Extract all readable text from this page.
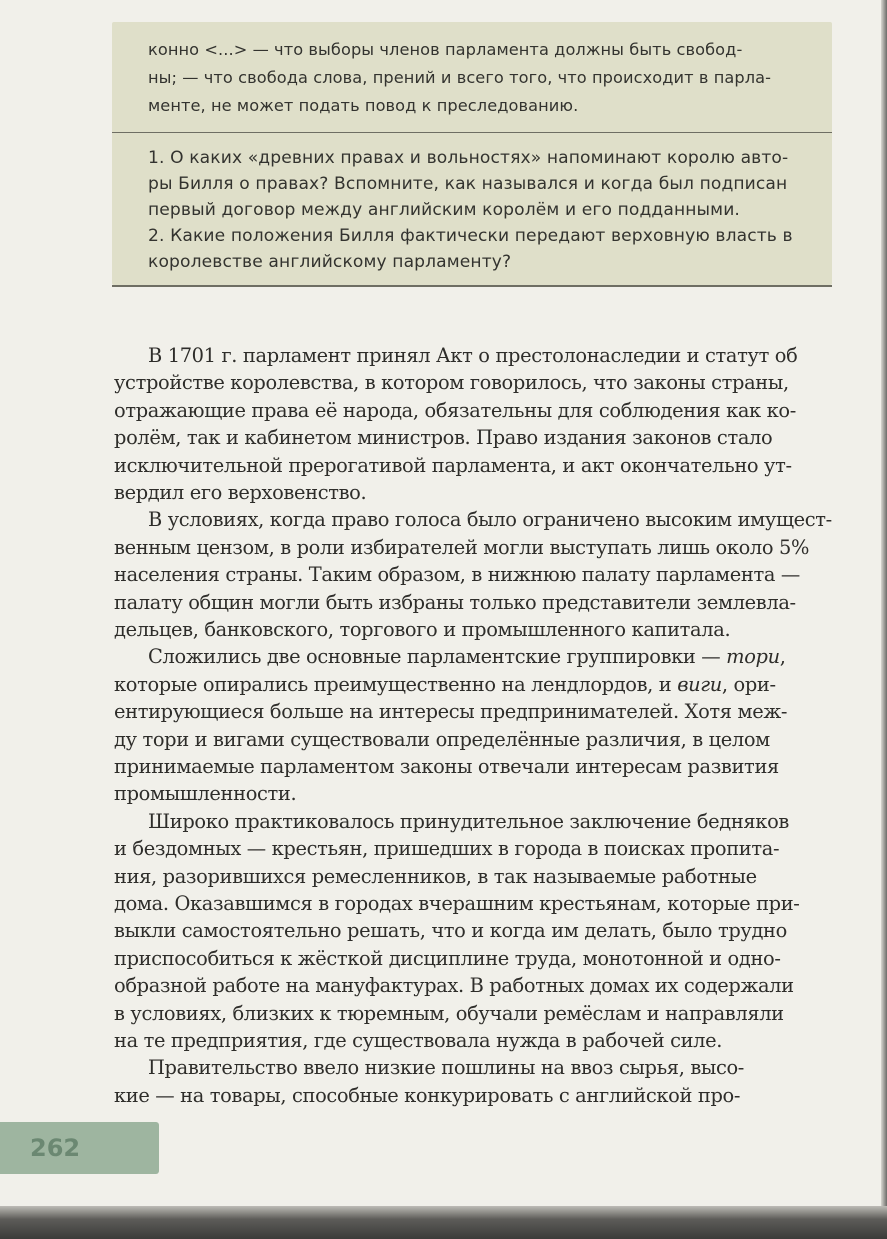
конно <...> — что выборы членов парламента должны быть свобод-
ны; — что свобода слова, прений и всего того, что происходит в парла-
менте, не может подать повод к преследованию.
1. О каких «древних правах и вольностях» напоминают королю авто-
ры Билля о правах? Вспомните, как назывался и когда был подписан
первый договор между английским королём и его подданными.
2. Какие положения Билля фактически передают верховную власть в
королевстве английскому парламенту?
В 1701 г. парламент принял Акт о престолонаследии и статут об
устройстве королевства, в котором говорилось, что законы страны,
отражающие права её народа, обязательны для соблюдения как ко-
ролём, так и кабинетом министров. Право издания законов стало
исключительной прерогативой парламента, и акт окончательно ут-
вердил его верховенство.
В условиях, когда право голоса было ограничено высоким имущест-
венным цензом, в роли избирателей могли выступать лишь около 5%
населения страны. Таким образом, в нижнюю палату парламента —
палату общин могли быть избраны только представители землевла-
дельцев, банковского, торгового и промышленного капитала.
Сложились две основные парламентские группировки — тори,
которые опирались преимущественно на лендлордов, и виги, ори-
ентирующиеся больше на интересы предпринимателей. Хотя меж-
ду тори и вигами существовали определённые различия, в целом
принимаемые парламентом законы отвечали интересам развития
промышленности.
Широко практиковалось принудительное заключение бедняков
и бездомных — крестьян, пришедших в города в поисках пропита-
ния, разорившихся ремесленников, в так называемые работные
дома. Оказавшимся в городах вчерашним крестьянам, которые при-
выкли самостоятельно решать, что и когда им делать, было трудно
приспособиться к жёсткой дисциплине труда, монотонной и одно-
образной работе на мануфактурах. В работных домах их содержали
в условиях, близких к тюремным, обучали ремёслам и направляли
на те предприятия, где существовала нужда в рабочей силе.
Правительство ввело низкие пошлины на ввоз сырья, высо-
кие — на товары, способные конкурировать с английской про-
262
